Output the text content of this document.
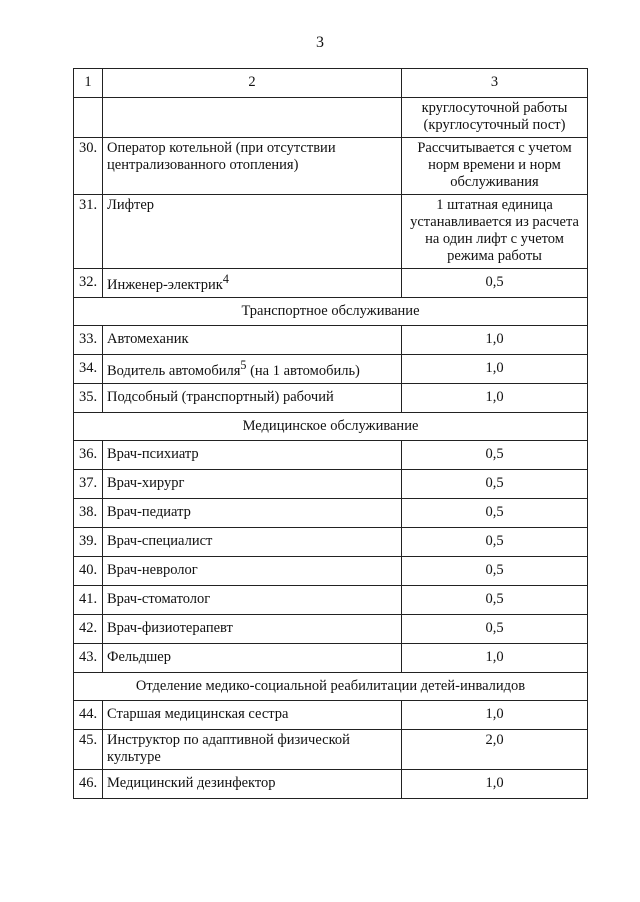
3
1	2	3
		круглосуточной работы (круглосуточный пост)
30.	Оператор котельной (при отсутствии централизованного отопления)	Рассчитывается с учетом норм времени и норм обслуживания
31.	Лифтер	1 штатная единица устанавливается из расчета на один лифт с учетом режима работы
32.	Инженер-электрик$^4$	0,5
Транспортное обслуживание		
33.	Автомеханик	1,0
34.	Водитель автомобиля$^5$ (на 1 автомобиль)	1,0
35.	Подсобный (транспортный) рабочий	1,0
Медицинское обслуживание		
36.	Врач-психиатр	0,5
37.	Врач-хирург	0,5
38.	Врач-педиатр	0,5
39.	Врач-специалист	0,5
40.	Врач-невролог	0,5
41.	Врач-стоматолог	0,5
42.	Врач-физиотерапевт	0,5
43.	Фельдшер	1,0
Отделение медико-социальной реабилитации детей-инвалидов		
44.	Старшая медицинская сестра	1,0
45.	Инструктор по адаптивной физической культуре	2,0
46.	Медицинский дезинфектор	1,0
